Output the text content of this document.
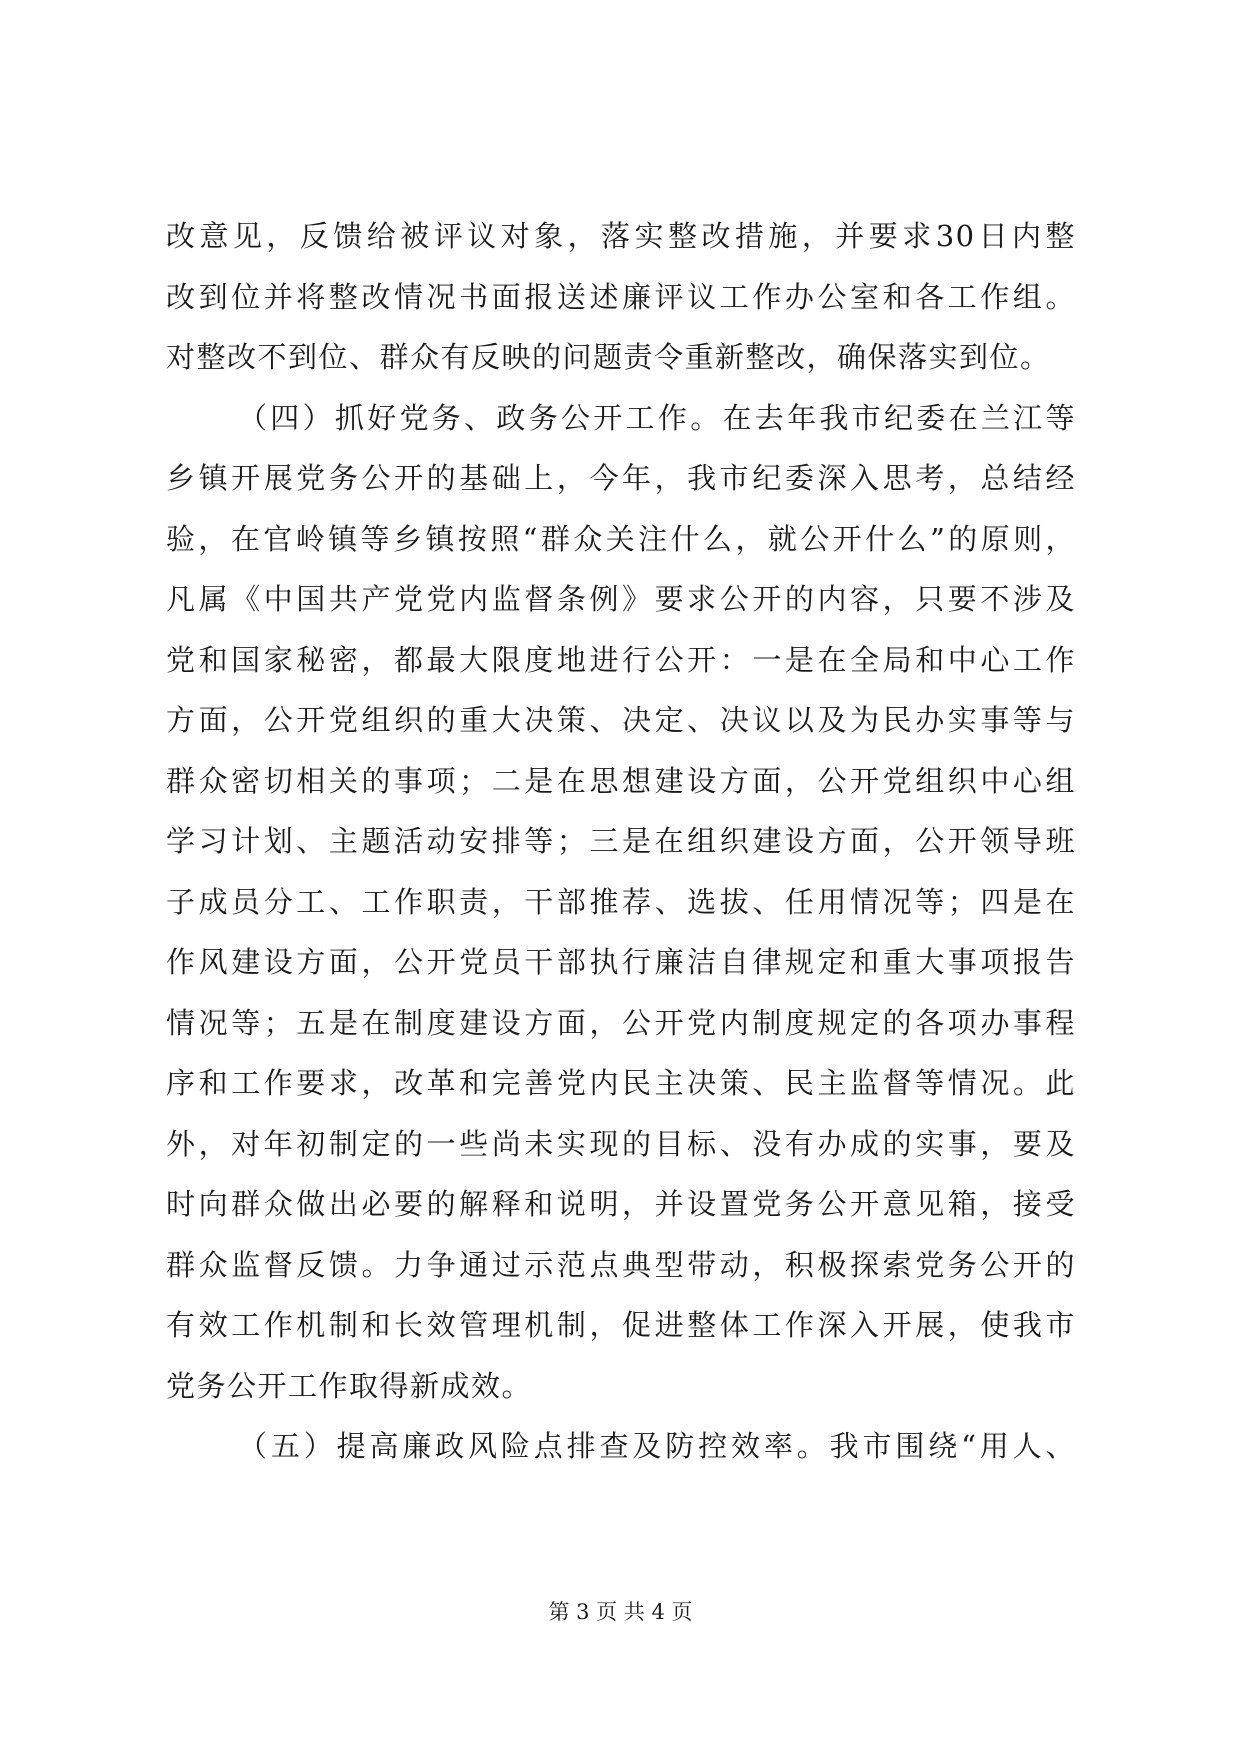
改意见，反馈给被评议对象，落实整改措施，并要求30日内整
改到位并将整改情况书面报送述廉评议工作办公室和各工作组。
对整改不到位、群众有反映的问题责令重新整改，确保落实到位。
（四）抓好党务、政务公开工作。在去年我市纪委在兰江等
乡镇开展党务公开的基础上，今年，我市纪委深入思考，总结经
验，在官岭镇等乡镇按照“群众关注什么，就公开什么”的原则，
凡属《中国共产党党内监督条例》要求公开的内容，只要不涉及
党和国家秘密，都最大限度地进行公开：一是在全局和中心工作
方面，公开党组织的重大决策、决定、决议以及为民办实事等与
群众密切相关的事项；二是在思想建设方面，公开党组织中心组
学习计划、主题活动安排等；三是在组织建设方面，公开领导班
子成员分工、工作职责，干部推荐、选拔、任用情况等；四是在
作风建设方面，公开党员干部执行廉洁自律规定和重大事项报告
情况等；五是在制度建设方面，公开党内制度规定的各项办事程
序和工作要求，改革和完善党内民主决策、民主监督等情况。此
外，对年初制定的一些尚未实现的目标、没有办成的实事，要及
时向群众做出必要的解释和说明，并设置党务公开意见箱，接受
群众监督反馈。力争通过示范点典型带动，积极探索党务公开的
有效工作机制和长效管理机制，促进整体工作深入开展，使我市
党务公开工作取得新成效。
（五）提高廉政风险点排查及防控效率。我市围绕“用人、
第 3 页 共 4 页
